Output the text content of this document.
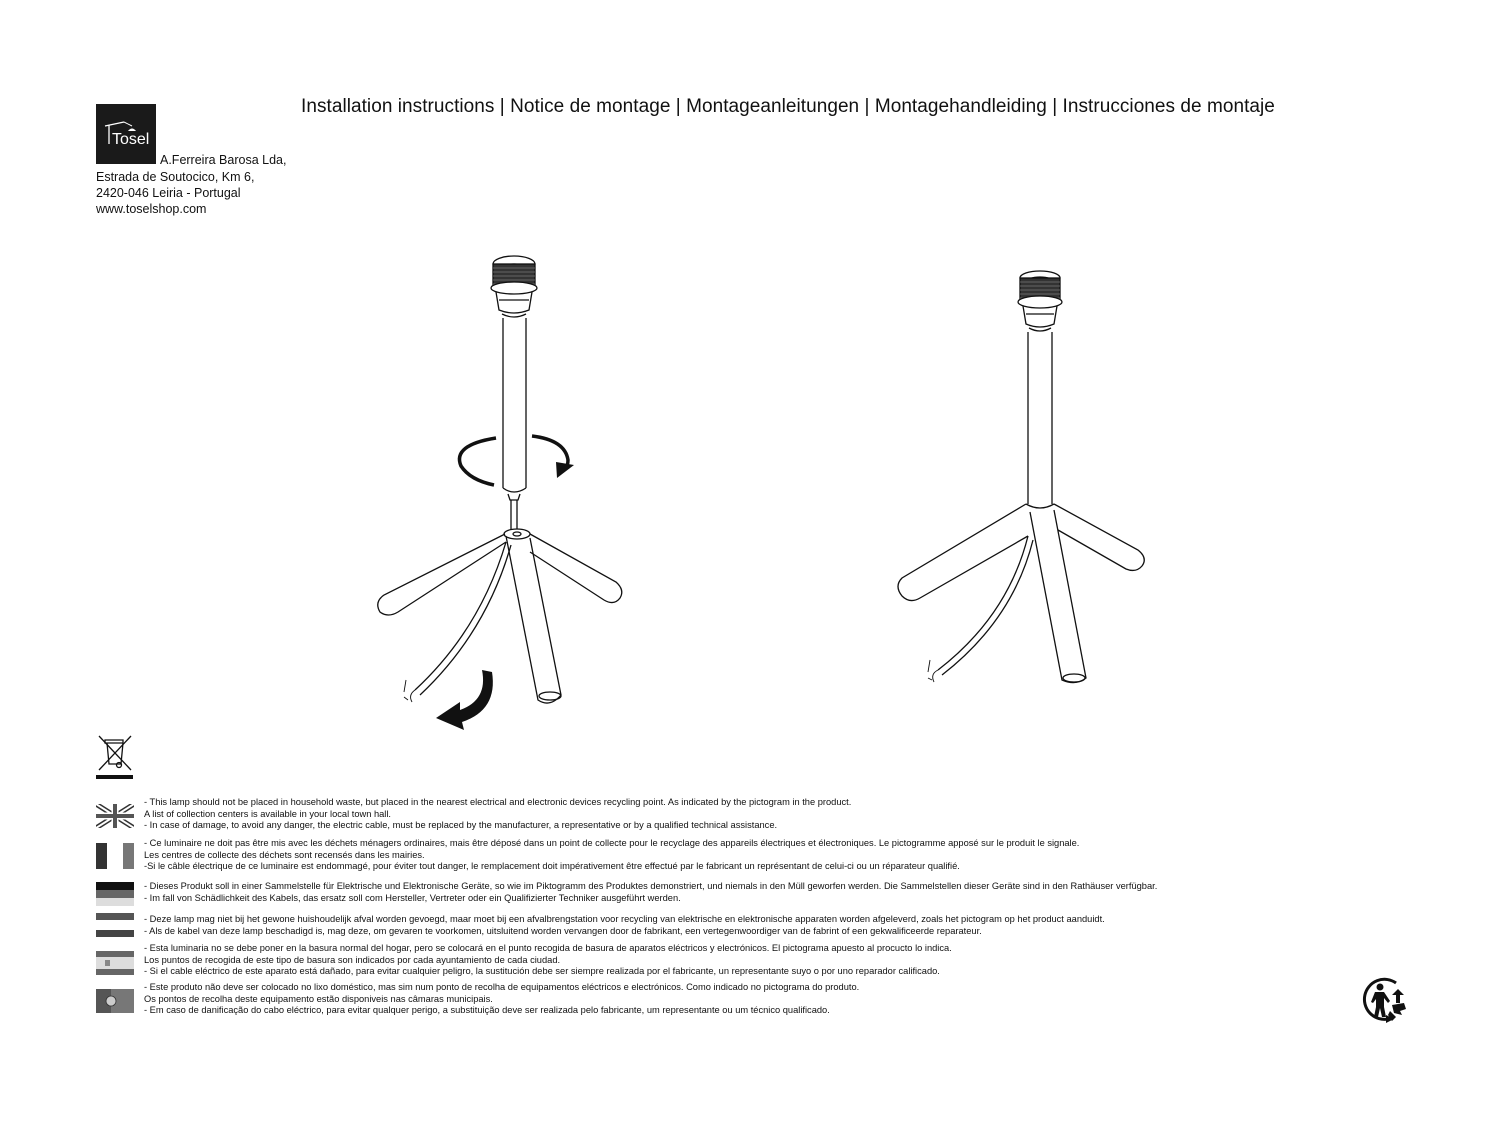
Installation instructions | Notice de montage | Montageanleitungen | Montagehandleiding | Instrucciones de montaje
Tosel
A.Ferreira Barosa Lda,
Estrada de Soutocico, Km 6,
2420-046 Leiria - Portugal
www.toselshop.com
- This lamp should not be placed in household waste, but placed in the nearest electrical and electronic devices recycling point. As indicated by the pictogram in the product.
A list of collection centers is available in your local town hall.
- In case of damage, to avoid any danger, the electric cable, must be replaced by the manufacturer, a representative or by a qualified technical assistance.
- Ce luminaire ne doit pas être mis avec les déchets ménagers ordinaires, mais être déposé dans un point de collecte pour le recyclage des appareils électriques et électroniques. Le pictogramme apposé sur le produit le signale.
Les centres de collecte des déchets sont recensés dans les mairies.
-Si le câble électrique de ce luminaire est endommagé, pour éviter tout danger, le remplacement doit impérativement être effectué par le fabricant un représentant de celui-ci ou un réparateur qualifié.
- Dieses Produkt soll in einer Sammelstelle für Elektrische und Elektronische Geräte, so wie im Piktogramm des Produktes demonstriert, und niemals in den Müll geworfen werden. Die Sammelstellen dieser Geräte sind in den Rathäuser verfügbar.
- Im fall von Schädlichkeit des Kabels, das ersatz soll com Hersteller, Vertreter oder ein Qualifizierter Techniker ausgeführt werden.
- Deze lamp mag niet bij het gewone huishoudelijk afval worden gevoegd, maar moet bij een afvalbrengstation voor recycling van elektrische en elektronische apparaten worden afgeleverd, zoals het pictogram op het product aanduidt.
- Als de kabel van deze lamp beschadigd is, mag deze, om gevaren te voorkomen, uitsluitend worden vervangen door de fabrikant, een vertegenwoordiger van de fabrint of een gekwalificeerde reparateur.
- Esta luminaria no se debe poner en la basura normal del hogar, pero se colocará en el punto recogida de basura de aparatos eléctricos y electrónicos. El pictograma apuesto al procucto lo indica.
Los puntos de recogida de este tipo de basura son indicados por cada ayuntamiento de cada ciudad.
- Si el cable eléctrico de este aparato está dañado, para evitar cualquier peligro, la sustitución debe ser siempre realizada por el fabricante, un representante suyo o por uno reparador calificado.
- Este produto não deve ser colocado no lixo doméstico, mas sim num ponto de recolha de equipamentos eléctricos e electrónicos. Como indicado no pictograma do produto.
Os pontos de recolha deste equipamento estão disponiveis nas câmaras municipais.
- Em caso de danificação do cabo eléctrico, para evitar qualquer perigo, a substituição deve ser realizada pelo fabricante, um representante ou um técnico qualificado.
